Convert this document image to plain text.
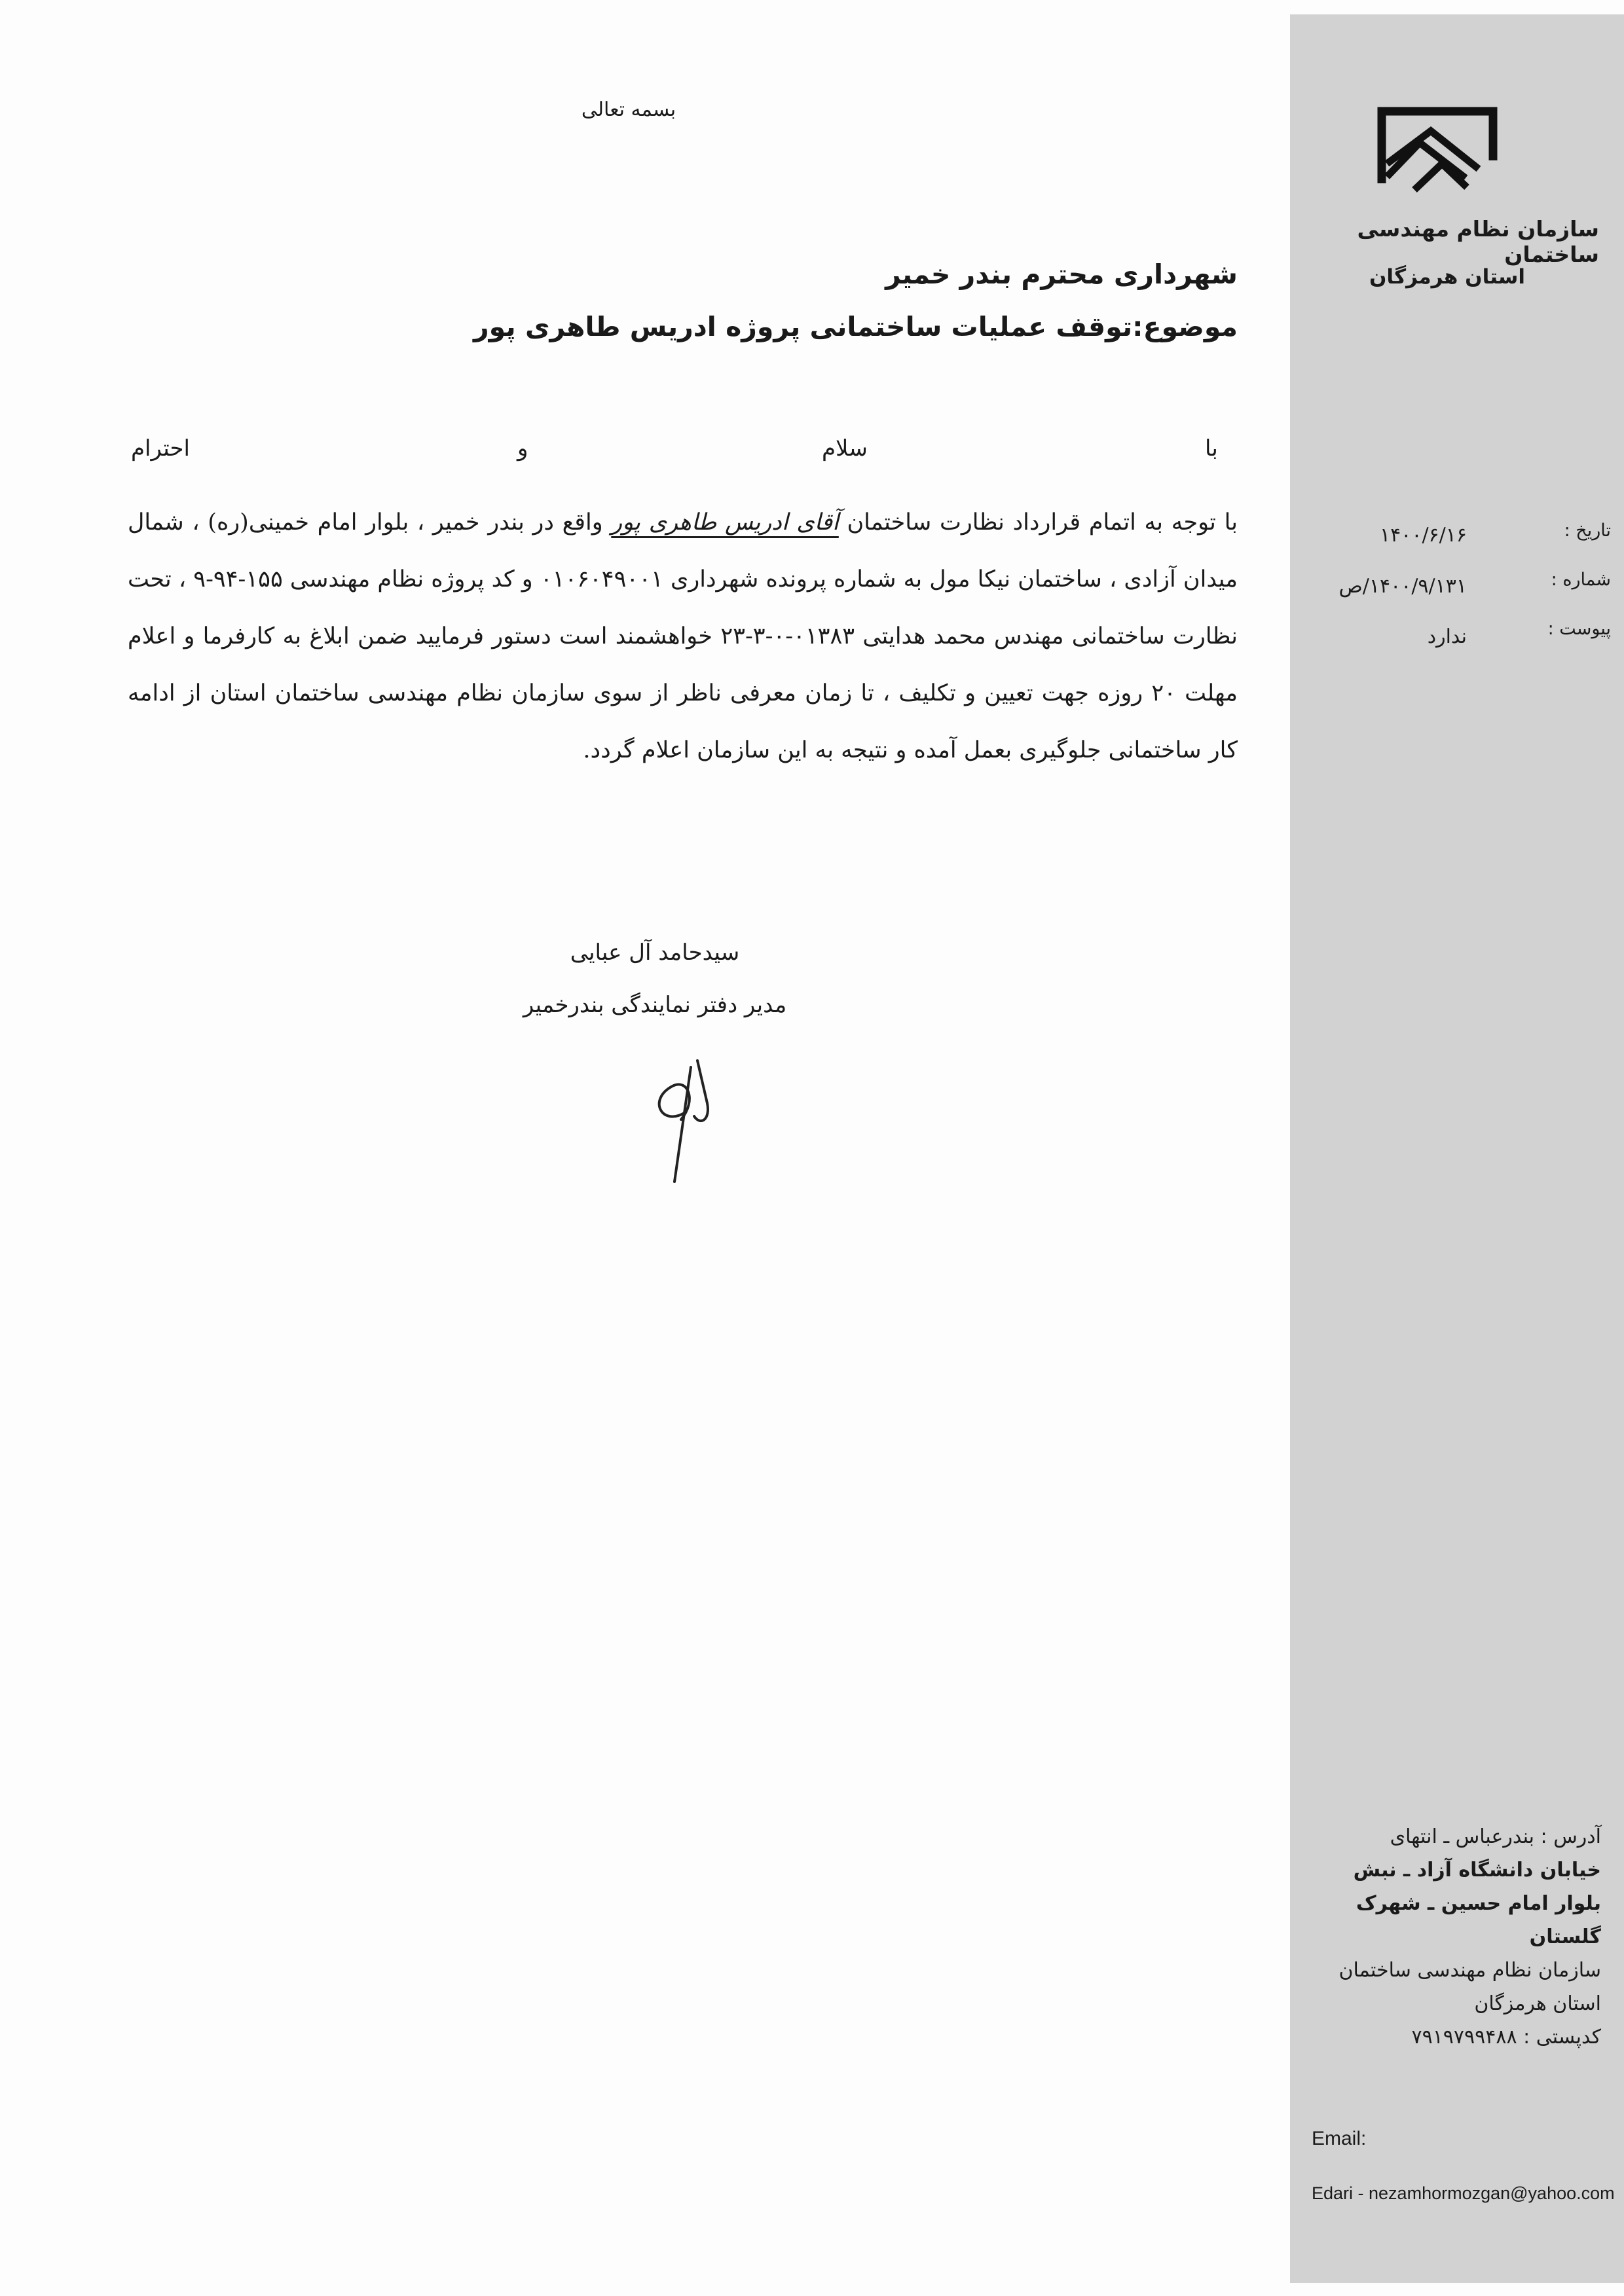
سازمان نظام مهندسی ساختمان
استان هرمزگان
تاریخ :
۱۴۰۰/۶/۱۶
شماره :
۱۴۰۰/۹/۱۳۱/ص
پیوست :
ندارد
آدرس : بندرعباس ـ انتهای
خیابان دانشگاه آزاد ـ نبش
بلوار امام حسین ـ شهرک
گلستان
سازمان نظام مهندسی ساختمان
استان هرمزگان
کدپستی : ۷۹۱۹۷۹۹۴۸۸
Email:
Edari - nezamhormozgan@yahoo.com
بسمه تعالی
شهرداری محترم بندر خمیر
موضوع:توقف عملیات ساختمانی پروژه ادریس طاهری پور
با
سلام
و
احترام
با توجه به اتمام قرارداد نظارت ساختمان آقای ادریس طاهری پور واقع در بندر خمیر ، بلوار امام خمینی(ره) ، شمال میدان آزادی ، ساختمان نیکا مول به شماره پرونده شهرداری ۰۱۰۶۰۴۹۰۰۱ و کد پروژه نظام مهندسی ۱۵۵-۹۴-۹ ، تحت نظارت ساختمانی مهندس محمد هدایتی ۰۱۳۸۳-۰-۳-۲۳ خواهشمند است دستور فرمایید ضمن ابلاغ به کارفرما و اعلام مهلت ۲۰ روزه جهت تعیین و تکلیف ، تا زمان معرفی ناظر از سوی سازمان نظام مهندسی ساختمان استان از ادامه کار ساختمانی جلوگیری بعمل آمده و نتیجه به این سازمان اعلام گردد.
سیدحامد آل عبایی
مدیر دفتر نمایندگی بندرخمیر
